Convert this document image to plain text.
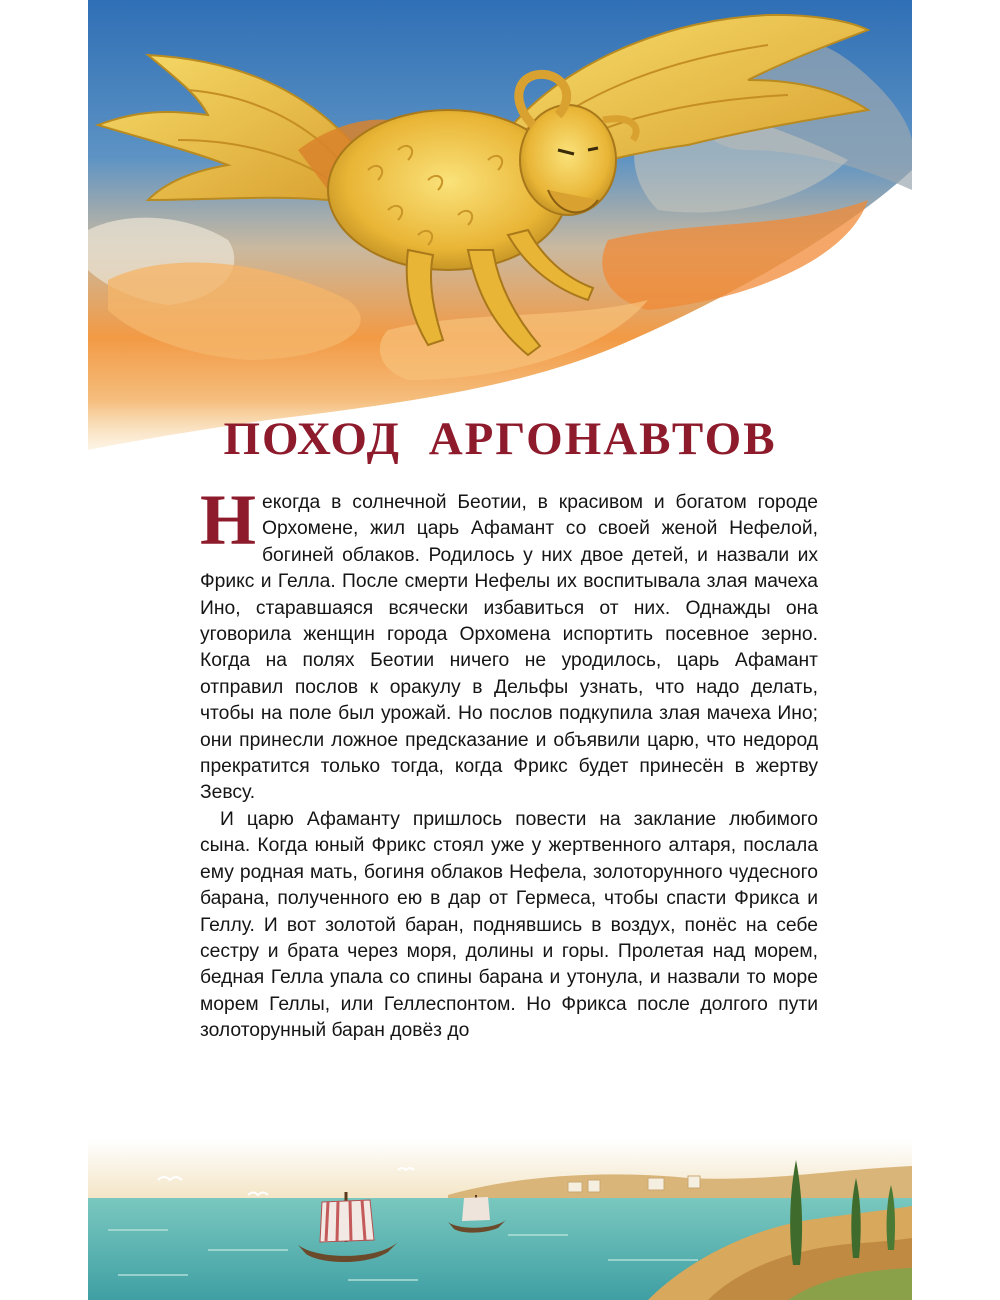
ПОХОД АРГОНАВТОВ

Некогда в солнечной Беотии, в красивом и богатом городе Орхомене, жил царь Афамант со своей женой Нефелой, богиней облаков. Родилось у них двое детей, и назвали их Фрикс и Гелла. После смерти Нефелы их воспитывала злая мачеха Ино, старавшаяся всячески избавиться от них. Однажды она уговорила женщин города Орхомена испортить посевное зерно. Когда на полях Беотии ничего не уродилось, царь Афамант отправил послов к оракулу в Дельфы узнать, что надо делать, чтобы на поле был урожай. Но послов подкупила злая мачеха Ино; они принесли ложное предсказание и объявили царю, что недород прекратится только тогда, когда Фрикс будет принесён в жертву Зевсу.

И царю Афаманту пришлось повести на заклание любимого сына. Когда юный Фрикс стоял уже у жертвенного алтаря, послала ему родная мать, богиня облаков Нефела, золоторунного чудесного барана, полученного ею в дар от Гермеса, чтобы спасти Фрикса и Геллу. И вот золотой баран, поднявшись в воздух, понёс на себе сестру и брата через моря, долины и горы. Пролетая над морем, бедная Гелла упала со спины барана и утонула, и назвали то море морем Геллы, или Геллеспонтом. Но Фрикса после долгого пути золоторунный баран довёз до
